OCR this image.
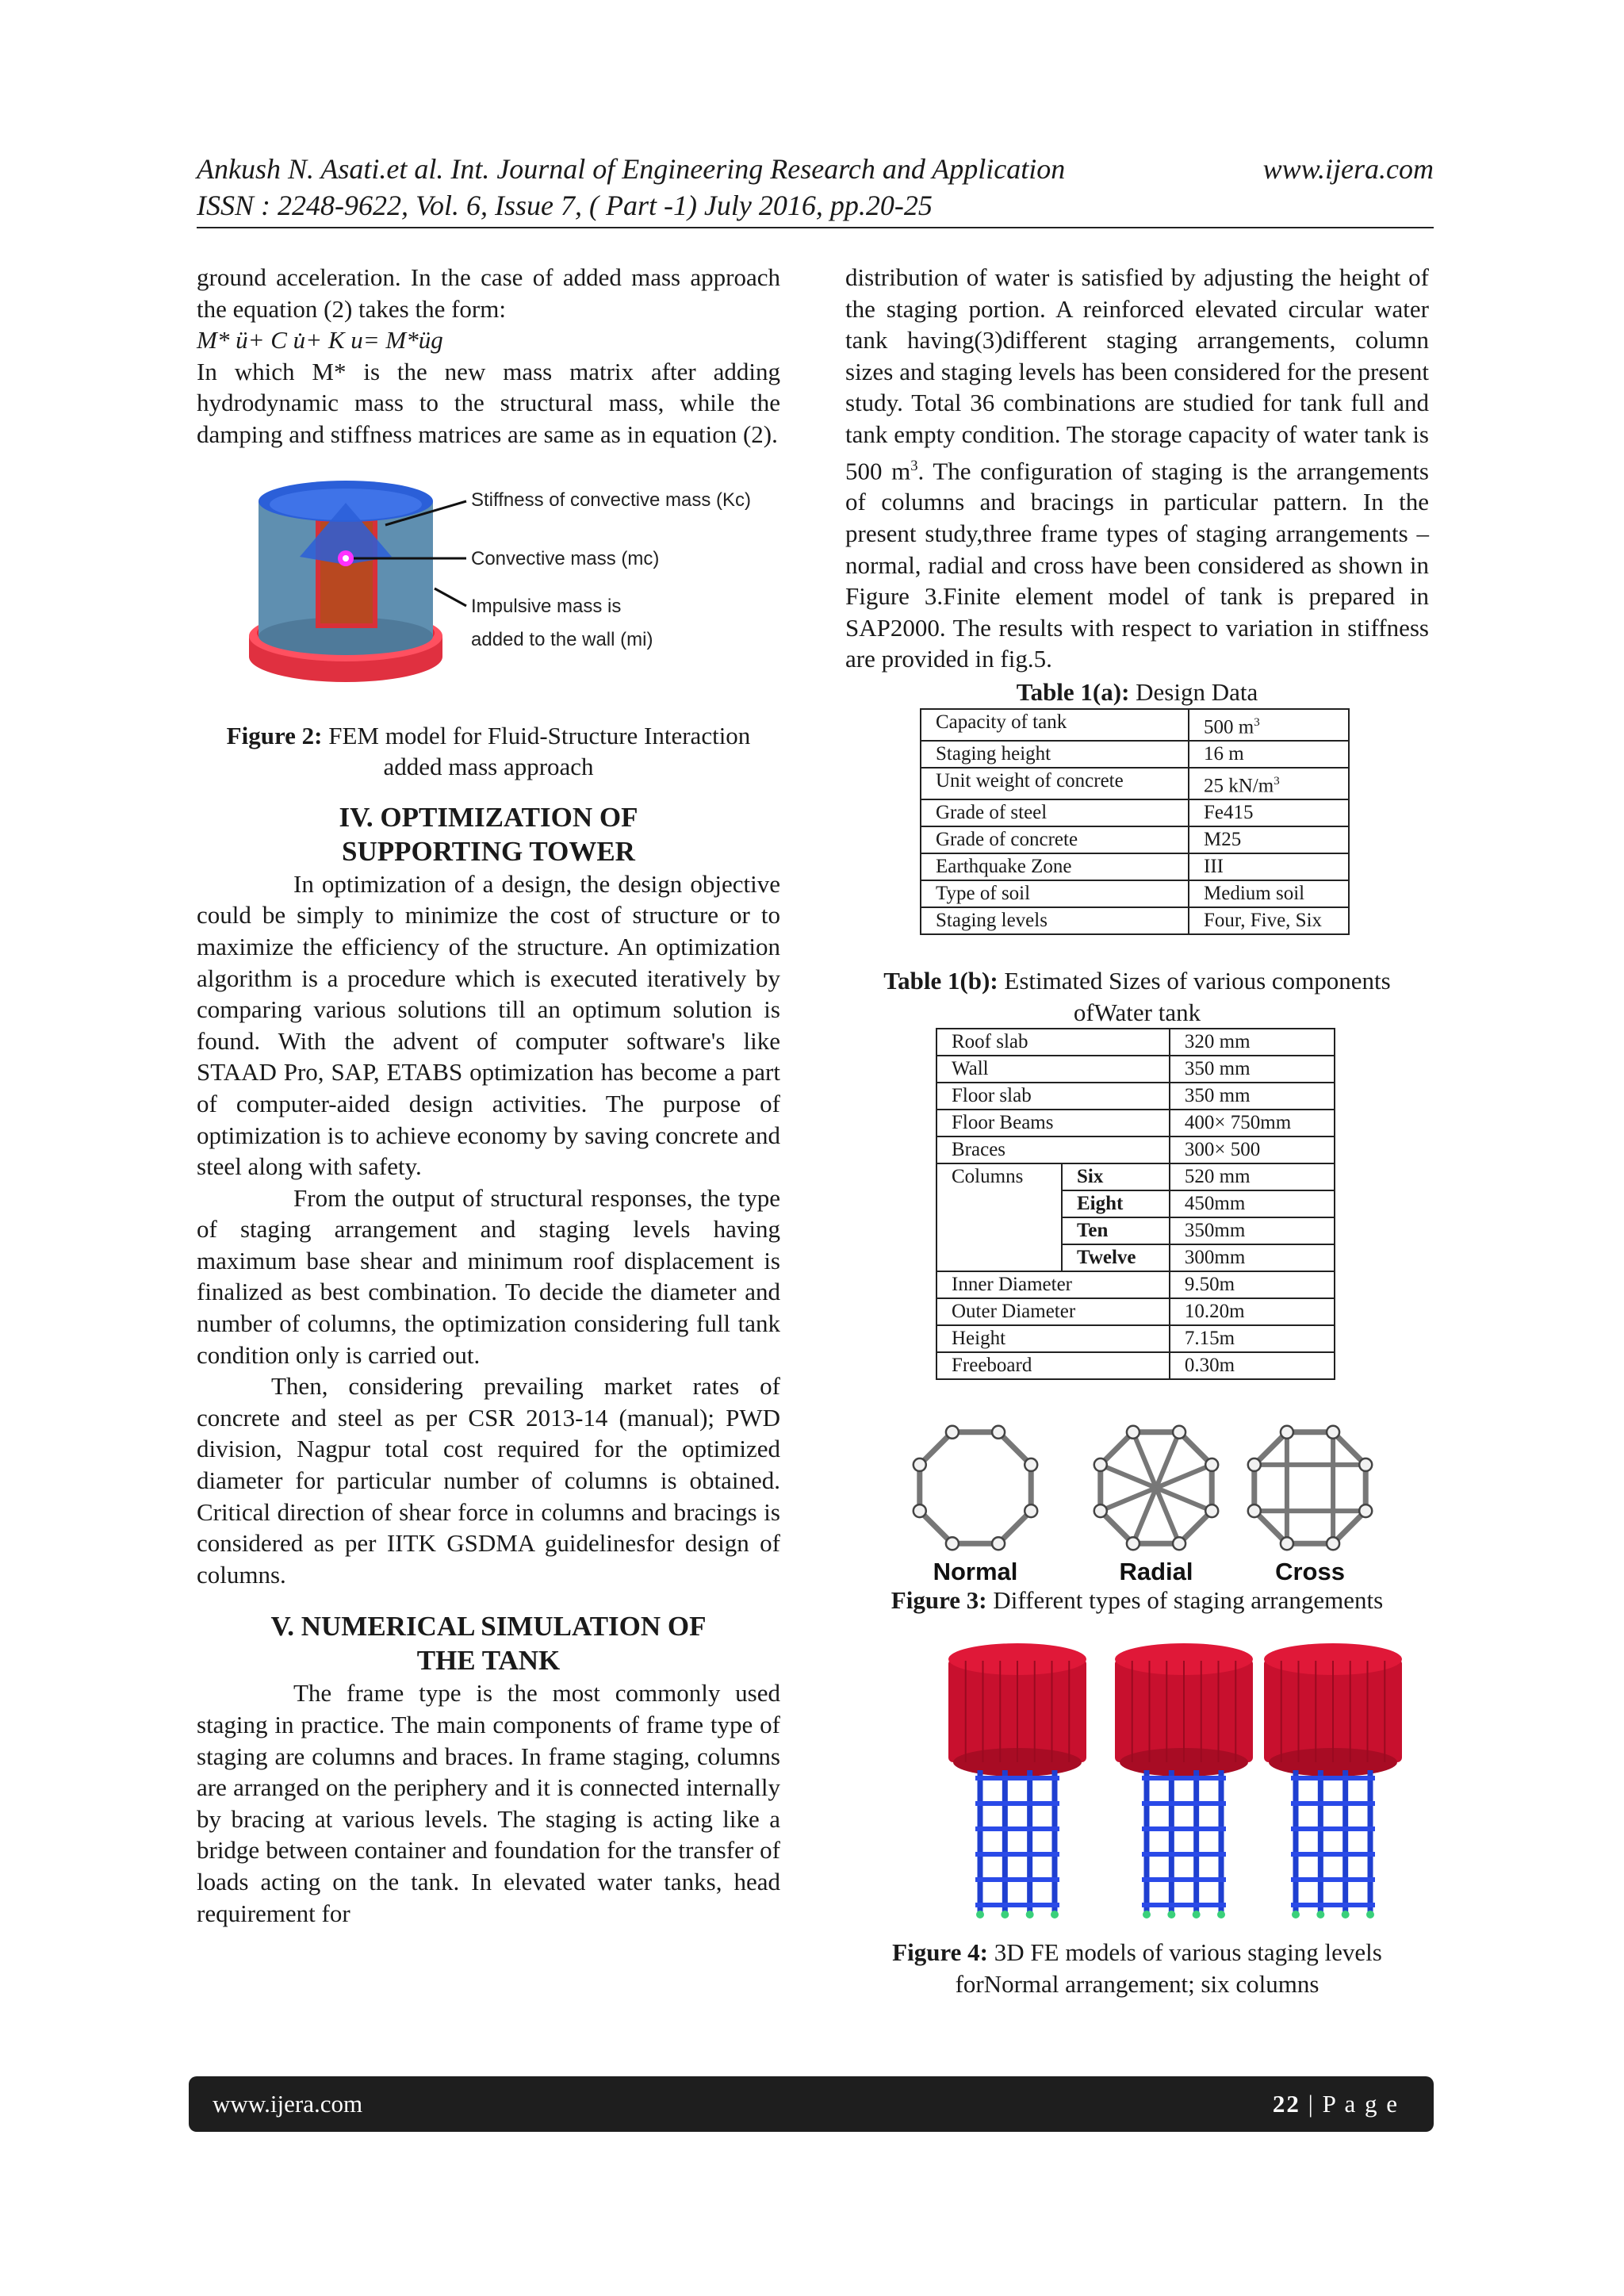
Ankush N. Asati.et al. Int. Journal of Engineering Research and Application	www.ijera.com
ISSN : 2248-9622, Vol. 6, Issue 7, ( Part -1) July 2016, pp.20-25

ground acceleration. In the case of added mass approach the equation (2) takes the form:

M* ü+ C u̇+ K u= M*üg

In which M* is the new mass matrix after adding hydrodynamic mass to the structural mass, while the damping and stiffness matrices are same as in equation (2).

Stiffness of convective mass (Kc)
Convective mass (mc)
Impulsive mass is
added to the wall (mi)

Figure 2: FEM model for Fluid-Structure Interaction added mass approach

IV. OPTIMIZATION OF

SUPPORTING TOWER

In optimization of a design, the design objective could be simply to minimize the cost of structure or to maximize the efficiency of the structure. An optimization algorithm is a procedure which is executed iteratively by comparing various solutions till an optimum solution is found. With the advent of computer software's like STAAD Pro, SAP, ETABS optimization has become a part of computer-aided design activities. The purpose of optimization is to achieve economy by saving concrete and steel along with safety.

From the output of structural responses, the type of staging arrangement and staging levels having maximum base shear and minimum roof displacement is finalized as best combination. To decide the diameter and number of columns, the optimization considering full tank condition only is carried out.

Then, considering prevailing market rates of concrete and steel as per CSR 2013-14 (manual); PWD division, Nagpur total cost required for the optimized diameter for particular number of columns is obtained. Critical direction of shear force in columns and bracings is considered as per IITK GSDMA guidelinesfor design of columns.

V. NUMERICAL SIMULATION OF

THE TANK

The frame type is the most commonly used staging in practice. The main components of frame type of staging are columns and braces. In frame staging, columns are arranged on the periphery and it is connected internally by bracing at various levels. The staging is acting like a bridge between container and foundation for the transfer of loads acting on the tank. In elevated water tanks, head requirement for

distribution of water is satisfied by adjusting the height of the staging portion. A reinforced elevated circular water tank having(3)different staging arrangements, column sizes and staging levels has been considered for the present study. Total 36 combinations are studied for tank full and tank empty condition. The storage capacity of water tank is 500 $m^3$. The configuration of staging is the arrangements of columns and bracings in particular pattern. In the present study,three frame types of staging arrangements – normal, radial and cross have been considered as shown in Figure 3.Finite element model of tank is prepared in SAP2000. The results with respect to variation in stiffness are provided in fig.5.

Table 1(a): Design Data

Capacity of tank	500 $m^3$
Staging height	16 m
Unit weight of concrete	25 $kN/m^3$
Grade of steel	Fe415
Grade of concrete	M25
Earthquake Zone	III
Type of soil	Medium soil
Staging levels	Four, Five, Six

Table 1(b): Estimated Sizes of various components ofWater tank

Roof slab		320 mm
Wall		350 mm
Floor slab		350 mm
Floor Beams		400× 750mm
Braces		300× 500
Columns	Six	520 mm
	Eight	450mm
	Ten	350mm
	Twelve	300mm
Inner Diameter		9.50m
Outer Diameter		10.20m
Height		7.15m
Freeboard		0.30m
Normal	Radial	Cross

Figure 3: Different types of staging arrangements

Figure 4: 3D FE models of various staging levels forNormal arrangement; six columns

www.ijera.com	22 | P a g e
